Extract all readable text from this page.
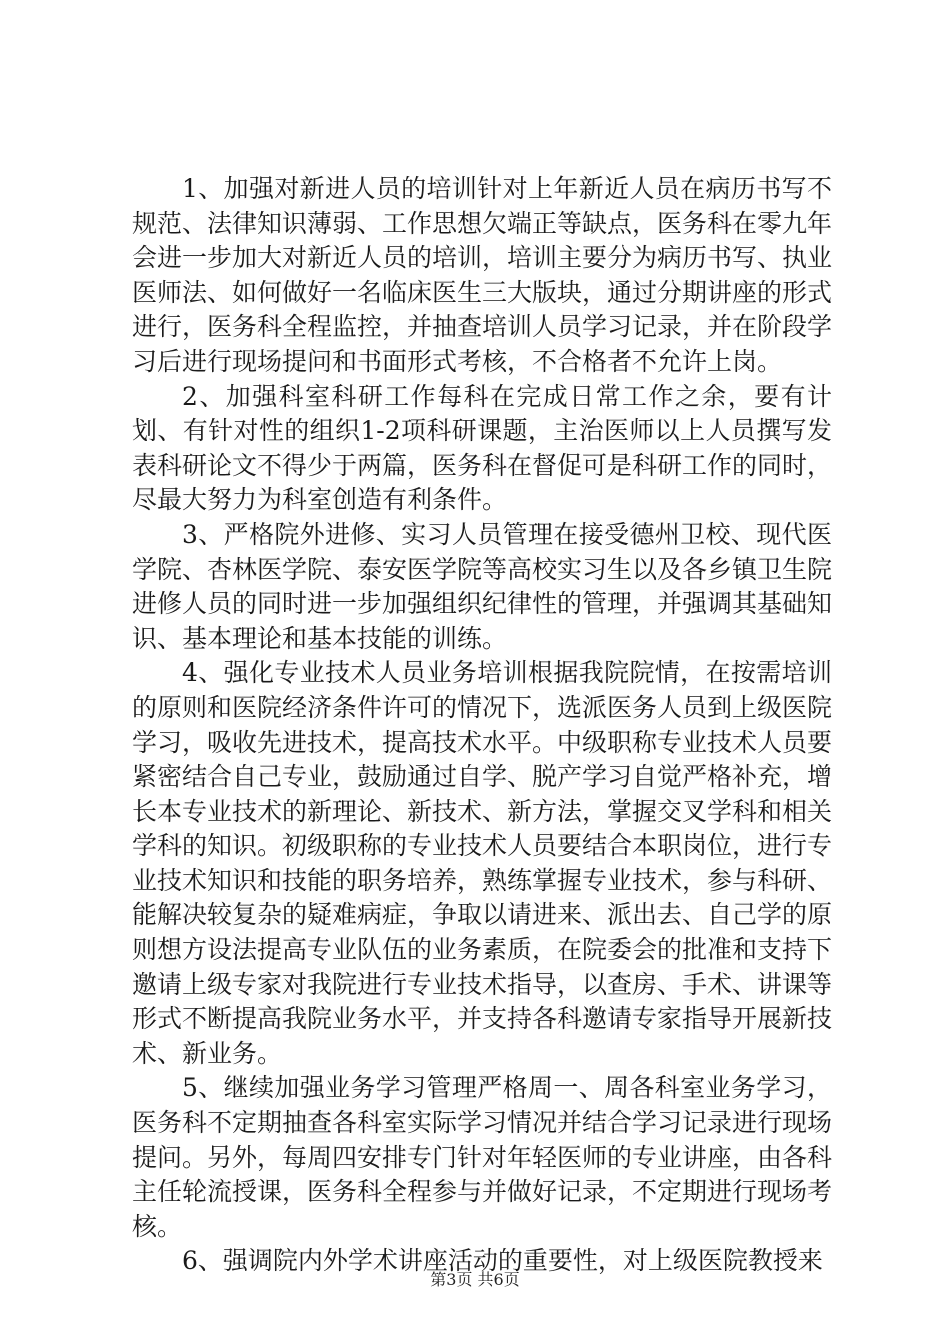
1、加强对新进人员的培训针对上年新近人员在病历书写不规范、法律知识薄弱、工作思想欠端正等缺点，医务科在零九年会进一步加大对新近人员的培训，培训主要分为病历书写、执业医师法、如何做好一名临床医生三大版块，通过分期讲座的形式进行，医务科全程监控，并抽查培训人员学习记录，并在阶段学习后进行现场提问和书面形式考核，不合格者不允许上岗。

2、加强科室科研工作每科在完成日常工作之余，要有计划、有针对性的组织1-2项科研课题，主治医师以上人员撰写发表科研论文不得少于两篇，医务科在督促可是科研工作的同时，尽最大努力为科室创造有利条件。

3、严格院外进修、实习人员管理在接受德州卫校、现代医学院、杏林医学院、泰安医学院等高校实习生以及各乡镇卫生院进修人员的同时进一步加强组织纪律性的管理，并强调其基础知识、基本理论和基本技能的训练。

4、强化专业技术人员业务培训根据我院院情，在按需培训的原则和医院经济条件许可的情况下，选派医务人员到上级医院学习，吸收先进技术，提高技术水平。中级职称专业技术人员要紧密结合自己专业，鼓励通过自学、脱产学习自觉严格补充，增长本专业技术的新理论、新技术、新方法，掌握交叉学科和相关学科的知识。初级职称的专业技术人员要结合本职岗位，进行专业技术知识和技能的职务培养，熟练掌握专业技术，参与科研、能解决较复杂的疑难病症，争取以请进来、派出去、自己学的原则想方设法提高专业队伍的业务素质，在院委会的批准和支持下邀请上级专家对我院进行专业技术指导，以查房、手术、讲课等形式不断提高我院业务水平，并支持各科邀请专家指导开展新技术、新业务。

5、继续加强业务学习管理严格周一、周各科室业务学习，医务科不定期抽查各科室实际学习情况并结合学习记录进行现场提问。另外，每周四安排专门针对年轻医师的专业讲座，由各科主任轮流授课，医务科全程参与并做好记录，不定期进行现场考核。

6、强调院内外学术讲座活动的重要性，对上级医院教授来

第3页 共6页
